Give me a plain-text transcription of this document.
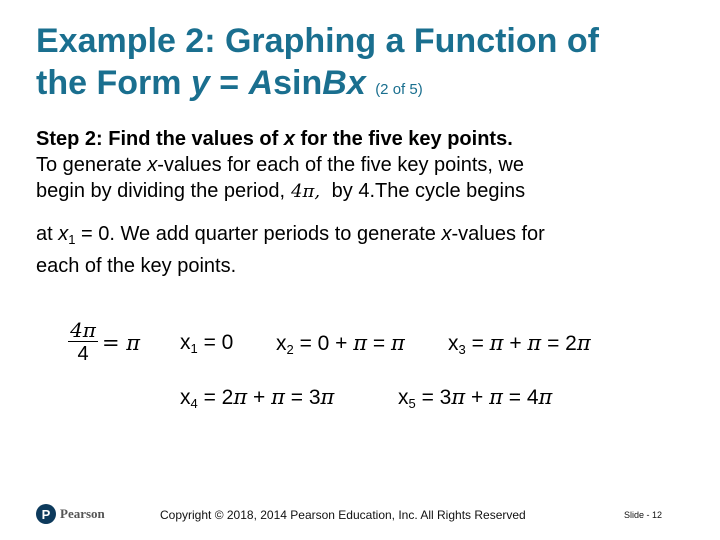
Example 2: Graphing a Function of
the Form y = AsinBx (2 of 5)

Step 2: Find the values of x for the five key points.

To generate x-values for each of the five key points, we

begin by dividing the period, 4π, by 4.The cycle begins

at $x_1 = 0$. We add quarter periods to generate x-values for
each of the key points.

4π
4 = π $x_1 = 0$ $x_2 = 0 + \pi = \pi$ $x_3 = \pi + \pi = 2\pi$
$x_4 = 2\pi + \pi = 3\pi$	$x_5 = 3\pi + \pi = 4\pi$
P Pearson	Copyright © 2018, 2014 Pearson Education, Inc. All Rights Reserved	Slide - 12
